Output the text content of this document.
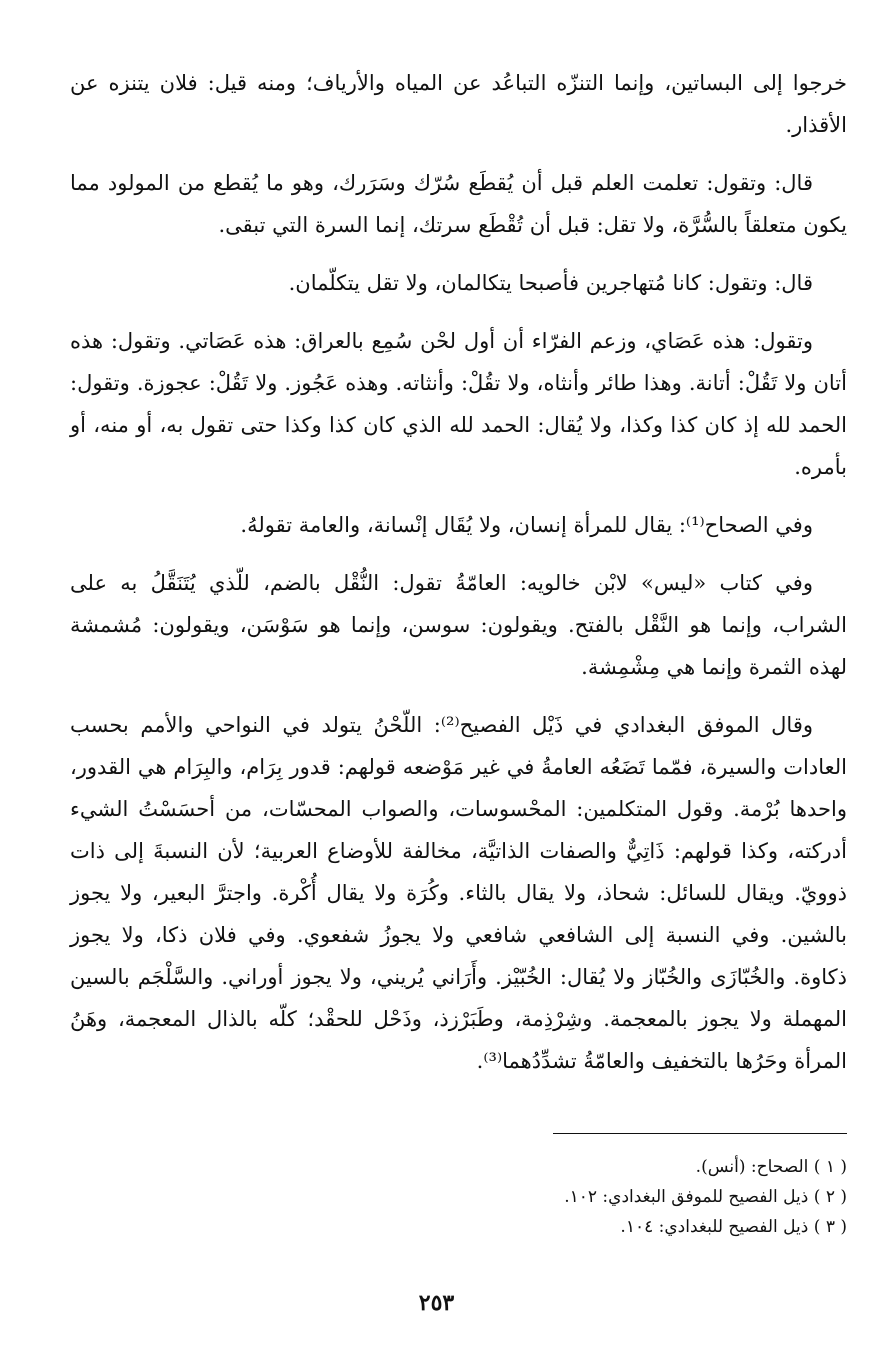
خرجوا إلى البساتين، وإنما التنزّه التباعُد عن المياه والأرياف؛ ومنه قيل: فلان يتنزه عن الأقذار.

قال: وتقول: تعلمت العلم قبل أن يُقطَع سُرّك وسَرَرك، وهو ما يُقطع من المولود مما يكون متعلقاً بالسُّرَّة، ولا تقل: قبل أن تُقْطَع سرتك، إنما السرة التي تبقى.

قال: وتقول: كانا مُتهاجرين فأصبحا يتكالمان، ولا تقل يتكلّمان.

وتقول: هذه عَصَاي، وزعم الفرّاء أن أول لحْن سُمِع بالعراق: هذه عَصَاتي. وتقول: هذه أتان ولا تَقُلْ: أتانة. وهذا طائر وأنثاه، ولا تقُلْ: وأنثاته. وهذه عَجُوز. ولا تَقُلْ: عجوزة. وتقول: الحمد لله إذ كان كذا وكذا، ولا يُقال: الحمد لله الذي كان كذا وكذا حتى تقول به، أو منه، أو بأمره.

وفي الصحاح⁽¹⁾: يقال للمرأة إنسان، ولا يُقَال إنْسانة، والعامة تقولهُ.

وفي كتاب «ليس» لابْن خالويه: العامّةُ تقول: النُّقْل بالضم، للّذي يُتَنَقَّلُ به على الشراب، وإنما هو النَّقْل بالفتح. ويقولون: سوسن، وإنما هو سَوْسَن، ويقولون: مُشمشة لهذه الثمرة وإنما هي مِشْمِشة.

وقال الموفق البغدادي في ذَيْل الفصيح⁽²⁾: اللّحْنُ يتولد في النواحي والأمم بحسب العادات والسيرة، فمّما تَضَعُه العامةُ في غير مَوْضعه قولهم: قدور بِرَام، والبِرَام هي القدور، واحدها بُرْمة. وقول المتكلمين: المحْسوسات، والصواب المحسّات، من أحسَسْتُ الشيء أدركته، وكذا قولهم: ذَاتِيٌّ والصفات الذاتيَّة، مخالفة للأوضاع العربية؛ لأن النسبةَ إلى ذات ذوويّ. ويقال للسائل: شحاذ، ولا يقال بالثاء. وكُرَة ولا يقال أُكْرة. واجترَّ البعير، ولا يجوز بالشين. وفي النسبة إلى الشافعي شافعي ولا يجوزُ شفعوي. وفي فلان ذكا، ولا يجوز ذكاوة. والخُبّازَى والخُبّاز ولا يُقال: الخُبّيْز. وأَرَاني يُريني، ولا يجوز أوراني. والسَّلْجَم بالسين المهملة ولا يجوز بالمعجمة. وشِرْذِمة، وطَبَرْزذ، وذَحْل للحقْد؛ كلّه بالذال المعجمة، وهَنُ المرأة وحَرُها بالتخفيف والعامّةُ تشدِّدُهما⁽³⁾.

( ١ ) الصحاح: (أنس).

( ٢ ) ذيل الفصيح للموفق البغدادي: ١٠٢.

( ٣ ) ذيل الفصيح للبغدادي: ١٠٤.

٢٥٣
